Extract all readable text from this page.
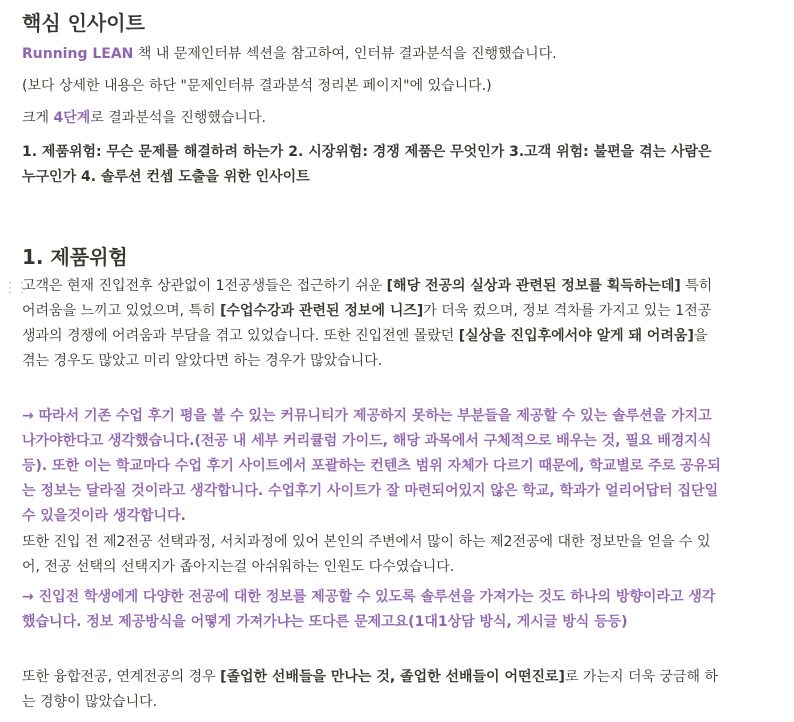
핵심 인사이트

Running LEAN 책 내 문제인터뷰 섹션을 참고하여, 인터뷰 결과분석을 진행했습니다.

(보다 상세한 내용은 하단 "문제인터뷰 결과분석 정리본 페이지"에 있습니다.)

크게 4단계로 결과분석을 진행했습니다.

1. 제품위험: 무슨 문제를 해결하려 하는가 2. 시장위험: 경쟁 제품은 무엇인가 3.고객 위험: 불편을 겪는 사람은 누구인가 4. 솔루션 컨셉 도출을 위한 인사이트

1. 제품위험
⋮⋮

고객은 현재 진입전후 상관없이 1전공생들은 접근하기 쉬운 [해당 전공의 실상과 관련된 정보를 획득하는데] 특히 어려움을 느끼고 있었으며, 특히 [수업수강과 관련된 정보에 니즈]가 더욱 컸으며, 정보 격차를 가지고 있는 1전공생과의 경쟁에 어려움과 부담을 겪고 있었습니다. 또한 진입전엔 몰랐던 [실상을 진입후에서야 알게 돼 어려움]을 겪는 경우도 많았고 미리 알았다면 하는 경우가 많았습니다.

→ 따라서 기존 수업 후기 평을 볼 수 있는 커뮤니티가 제공하지 못하는 부분들을 제공할 수 있는 솔루션을 가지고 나가야한다고 생각했습니다.(전공 내 세부 커리큘럼 가이드, 해당 과목에서 구체적으로 배우는 것, 필요 배경지식 등). 또한 이는 학교마다 수업 후기 사이트에서 포괄하는 컨텐츠 범위 자체가 다르기 때문에, 학교별로 주로 공유되는 정보는 달라질 것이라고 생각합니다. 수업후기 사이트가 잘 마련되어있지 않은 학교, 학과가 얼리어답터 집단일 수 있을것이라 생각합니다.

또한 진입 전 제2전공 선택과정, 서치과정에 있어 본인의 주변에서 많이 하는 제2전공에 대한 정보만을 얻을 수 있어, 전공 선택의 선택지가 좁아지는걸 아쉬워하는 인원도 다수였습니다.

→ 진입전 학생에게 다양한 전공에 대한 정보를 제공할 수 있도록 솔루션을 가져가는 것도 하나의 방향이라고 생각했습니다. 정보 제공방식을 어떻게 가져가냐는 또다른 문제고요(1대1상담 방식, 게시글 방식 등등)

또한 융합전공, 연계전공의 경우 [졸업한 선배들을 만나는 것, 졸업한 선배들이 어떤진로]로 가는지 더욱 궁금해 하는 경향이 많았습니다.
